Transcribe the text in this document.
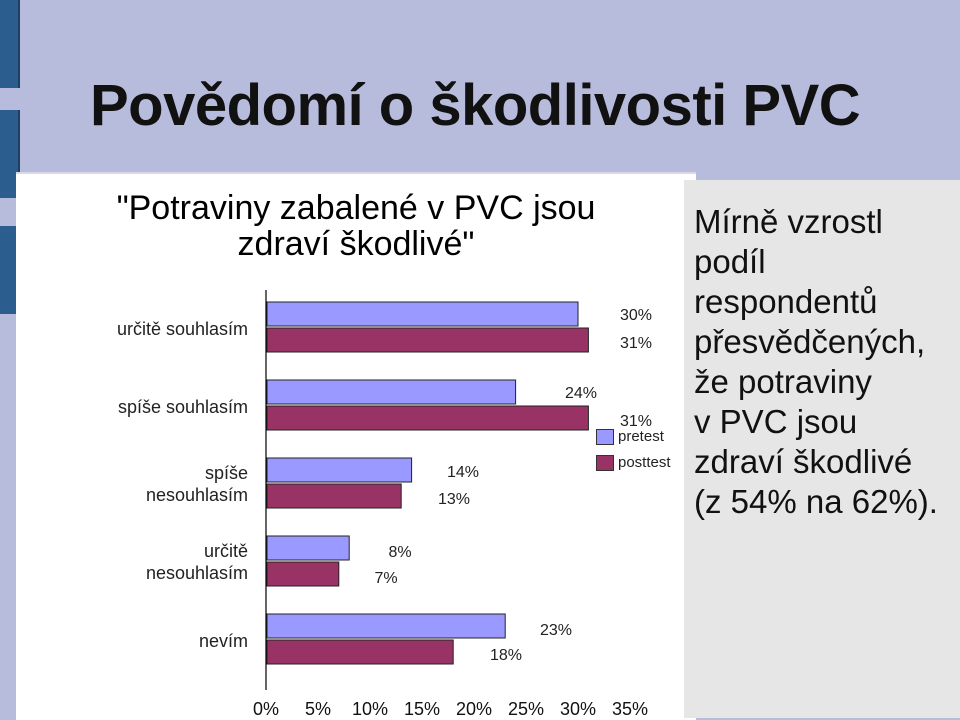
Povědomí o škodlivosti PVC
30%
31%
24%
31%
14%
13%
8%
7%
23%
18%
0% 5% 10% 15% 20% 25% 30% 35%
"Potraviny zabalené v PVC jsou zdraví škodlivé"
určitě souhlasím
spíše souhlasím
spíše nesouhlasím
určitě nesouhlasím
nevím
pretest
posttest
Mírně vzrostl
podíl
respondentů
přesvědčených,
že potraviny
v PVC jsou
zdraví škodlivé
(z 54% na 62%).
